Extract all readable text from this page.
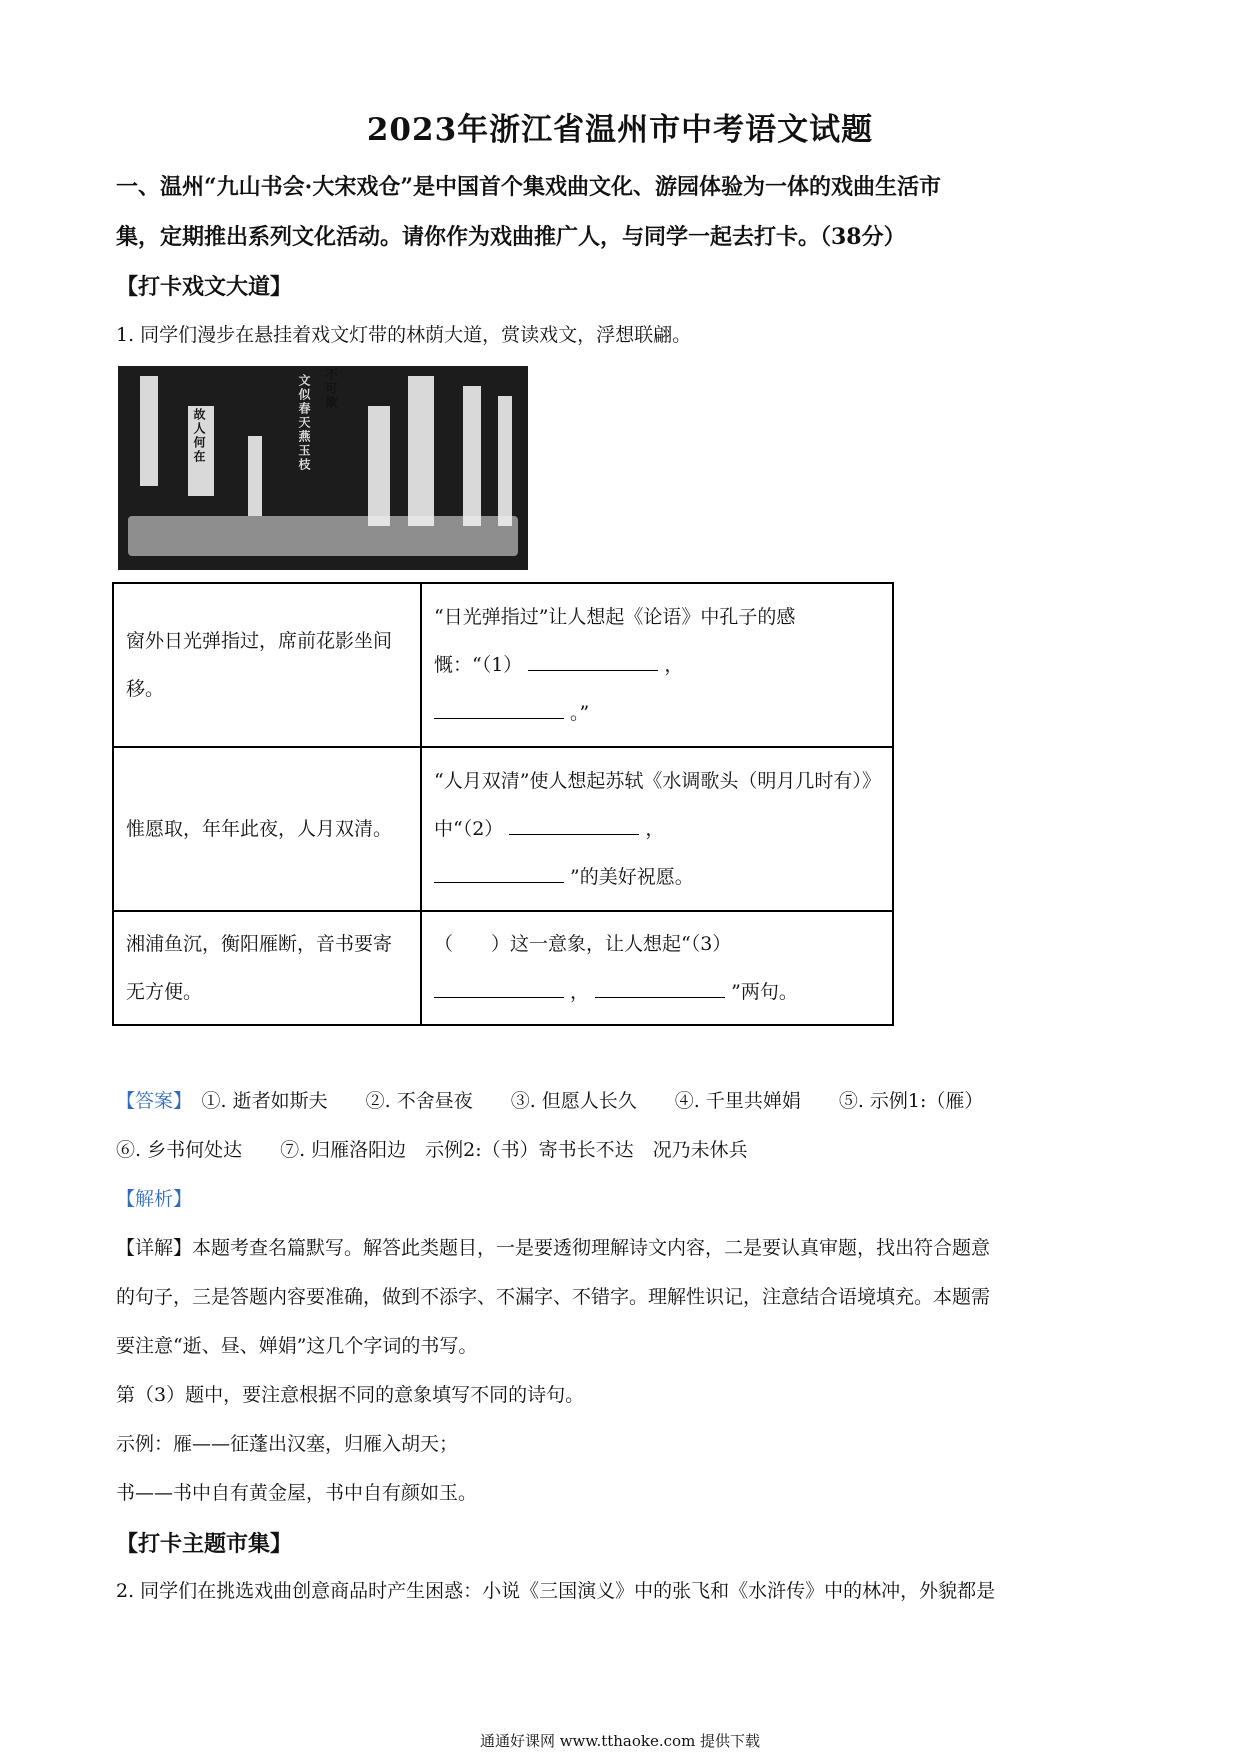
2023年浙江省温州市中考语文试题
一、温州“九山书会·大宋戏仓”是中国首个集戏曲文化、游园体验为一体的戏曲生活市
集，定期推出系列文化活动。请你作为戏曲推广人，与同学一起去打卡。（38分）
【打卡戏文大道】
1. 同学们漫步在悬挂着戏文灯带的林荫大道，赏读戏文，浮想联翩。
不可欺
文似春天燕玉枝
故人何在
窗外日光弹指过，席前花影坐间移。	“日光弹指过”让人想起《论语》中孔子的感慨：“（1） ，
。”
惟愿取，年年此夜，人月双清。	“人月双清”使人想起苏轼《水调歌头（明月几时有）》中“（2） ，
”的美好祝愿。
湘浦鱼沉，衡阳雁断，音书要寄无方便。	（　　）这一意象，让人想起“（3）
， ”两句。
【答案】　 ①. 逝者如斯夫　　②. 不舍昼夜　　③. 但愿人长久　　④. 千里共婵娟　　⑤. 示例1:（雁）
⑥. 乡书何处达　　⑦. 归雁洛阳边　示例2:（书）寄书长不达　况乃未休兵
【解析】
【详解】本题考查名篇默写。解答此类题目，一是要透彻理解诗文内容，二是要认真审题，找出符合题意
的句子，三是答题内容要准确，做到不添字、不漏字、不错字。理解性识记，注意结合语境填充。本题需
要注意“逝、昼、婵娟”这几个字词的书写。
第（3）题中，要注意根据不同的意象填写不同的诗句。
示例：雁——征蓬出汉塞，归雁入胡天；
书——书中自有黄金屋，书中自有颜如玉。
【打卡主题市集】
2. 同学们在挑选戏曲创意商品时产生困惑：小说《三国演义》中的张飞和《水浒传》中的林冲，外貌都是
通通好课网 www.tthaoke.com 提供下载
